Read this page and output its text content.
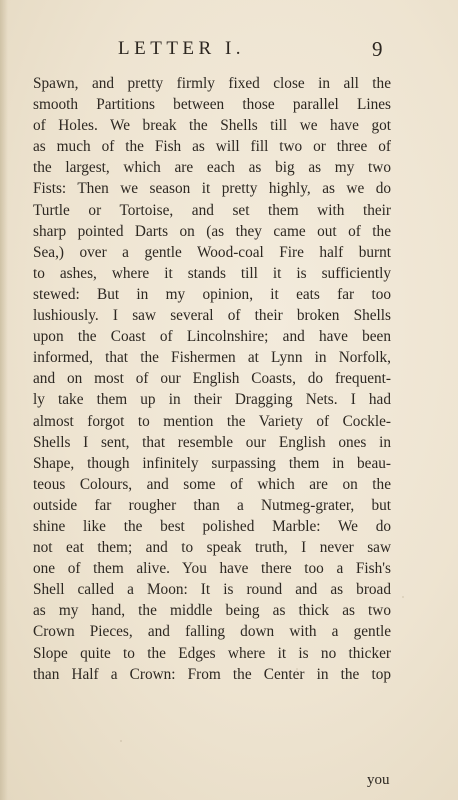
LETTER I.	9
Spawn, and pretty firmly fixed close in all the
smooth Partitions between those parallel Lines
of Holes. We break the Shells till we have got
as much of the Fish as will fill two or three of
the largest, which are each as big as my two
Fists: Then we season it pretty highly, as we do
Turtle or Tortoise, and set them with their
sharp pointed Darts on (as they came out of the
Sea,) over a gentle Wood-coal Fire half burnt
to ashes, where it stands till it is sufficiently
stewed: But in my opinion, it eats far too
lushiously. I saw several of their broken Shells
upon the Coast of Lincolnshire; and have been
informed, that the Fishermen at Lynn in Norfolk,
and on most of our English Coasts, do frequent-
ly take them up in their Dragging Nets. I had
almost forgot to mention the Variety of Cockle-
Shells I sent, that resemble our English ones in
Shape, though infinitely surpassing them in beau-
teous Colours, and some of which are on the
outside far rougher than a Nutmeg-grater, but
shine like the best polished Marble: We do
not eat them; and to speak truth, I never saw
one of them alive. You have there too a Fish's
Shell called a Moon: It is round and as broad
as my hand, the middle being as thick as two
Crown Pieces, and falling down with a gentle
Slope quite to the Edges where it is no thicker
than Half a Crown: From the Center in the top
you
